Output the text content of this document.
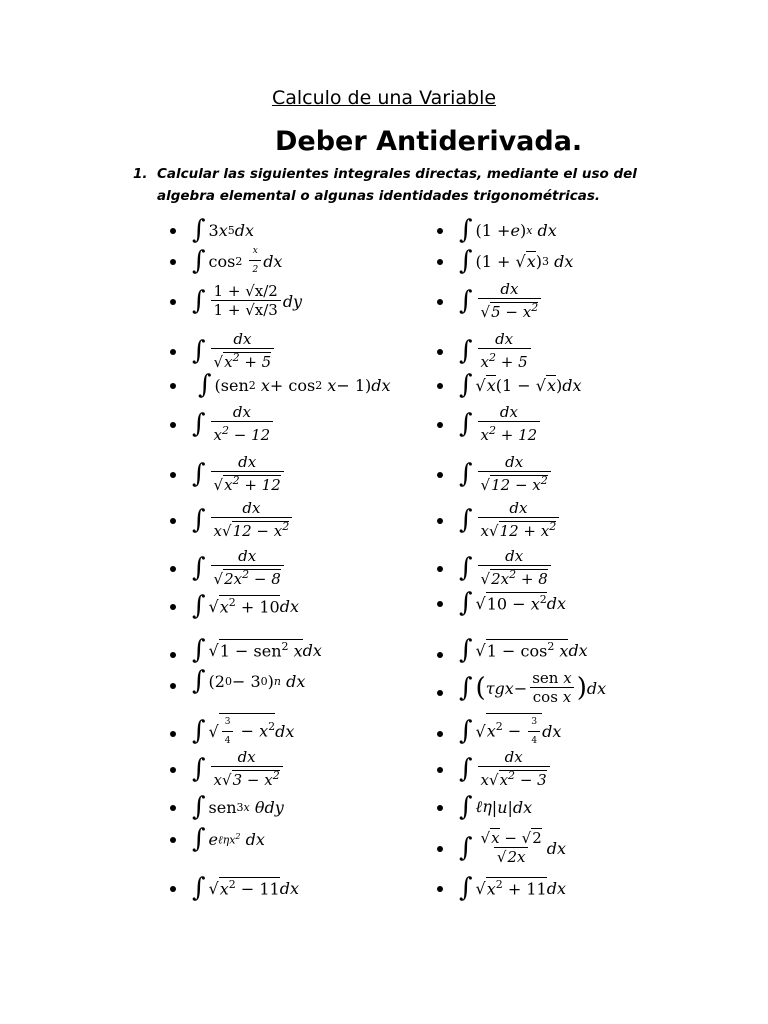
Calculo de una Variable
Deber Antiderivada.
1. Calcular las siguientes integrales directas, mediante el uso del
algebra elemental o algunas identidades trigonométricas.
∫ 3 x 5 dx
∫ cos 2
$\frac{x}{2}$ dx
∫ $\frac{1 + √x/2}{1 + √x/3}$ dy
∫ $\frac{dx}{√x^2 + 5}$
∫ (sen 2
x + cos 2
x − 1) dx
∫ $\frac{dx}{x^2 - 12}$
∫ $\frac{dx}{√x^2 + 12}$
∫ $\frac{dx}{x√12 - x^2}$
∫ $\frac{dx}{√2x^2 - 8}$
∫ √ $x^2 + 10$ dx
∫ √ 1 − sen$^2$ x dx
∫ (2 0 − 3 0 ) n
dx
∫ √ $\frac{3}{4} - x^2$ dx
∫ $\frac{dx}{x√3 - x^2}$
∫ sen 3x
θdy
∫ e ℓηx$^2$
dx
∫ √ $x^2 - 11$ dx
∫ (1 + e ) x
dx
∫ (1 + √ x ) 3
dx
∫ $\frac{dx}{√5 - x^2}$
∫ $\frac{dx}{x^2 + 5}$
∫ √ x (1 − √ x ) dx
∫ $\frac{dx}{x^2 + 12}$
∫ $\frac{dx}{√12 - x^2}$
∫ $\frac{dx}{x√12 + x^2}$
∫ $\frac{dx}{√2x^2 + 8}$
∫ √ $10 - x^2$ dx
∫ √ $1 - \cos^2 x$ dx
∫ ( $\tau gx - \frac{\text{sen x}}{\text{cos x}}$ ) dx
∫ √ $x^2 - \frac{3}{4}$ dx
∫ $\frac{dx}{x√x^2 - 3}$
∫ ℓη | u | dx
∫ $\frac{√x - √2}{√2x}$ dx
∫ √ $x^2 + 11$ dx
